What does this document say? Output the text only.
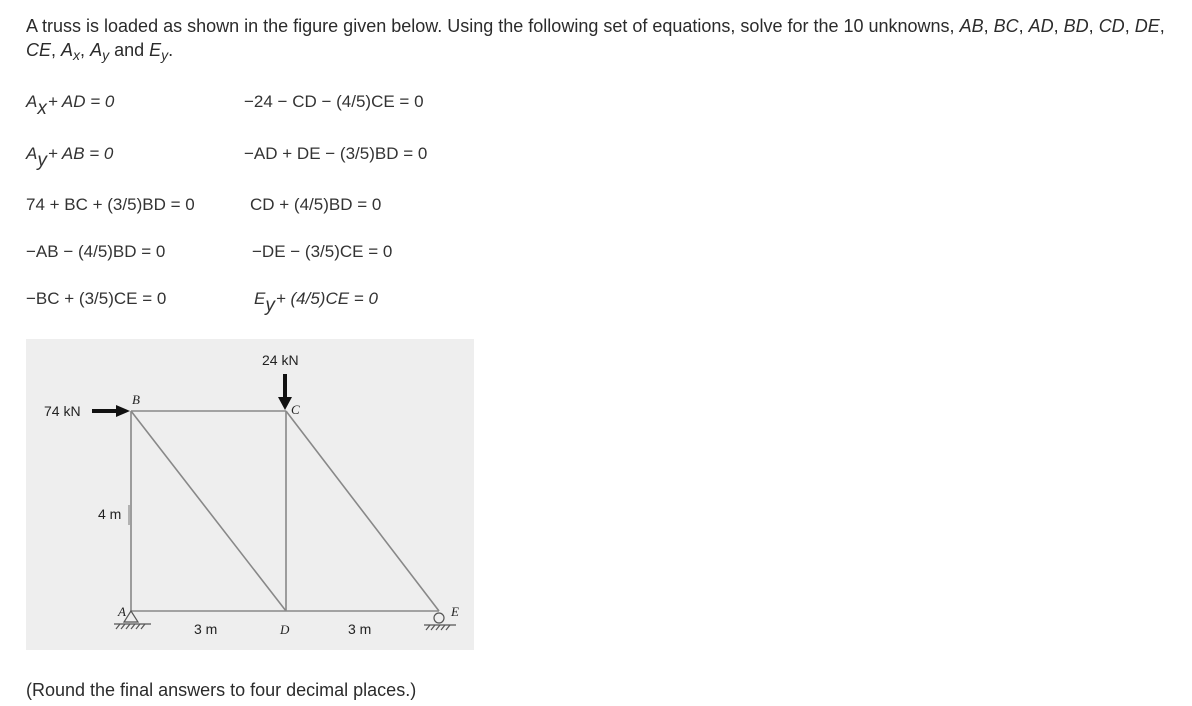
A truss is loaded as shown in the figure given below. Using the following set of equations, solve for the 10 unknowns, AB, BC, AD, BD, CD, DE, CE, $A_x$, $A_y$ and $E_y$.
$A_x+$ AD = 0
$A_y+$ AB = 0
74 + BC + (3/5)BD = 0
−AB − (4/5)BD = 0
−BC + (3/5)CE = 0
−24 − CD − (4/5)CE = 0
−AD + DE − (3/5)BD = 0
CD + (4/5)BD = 0
−DE − (3/5)CE = 0
$E_y+ (4/5)CE = 0$
24 kN
74 kN
4 m
3 m	3 m
A
B
C
D
E
(Round the final answers to four decimal places.)
